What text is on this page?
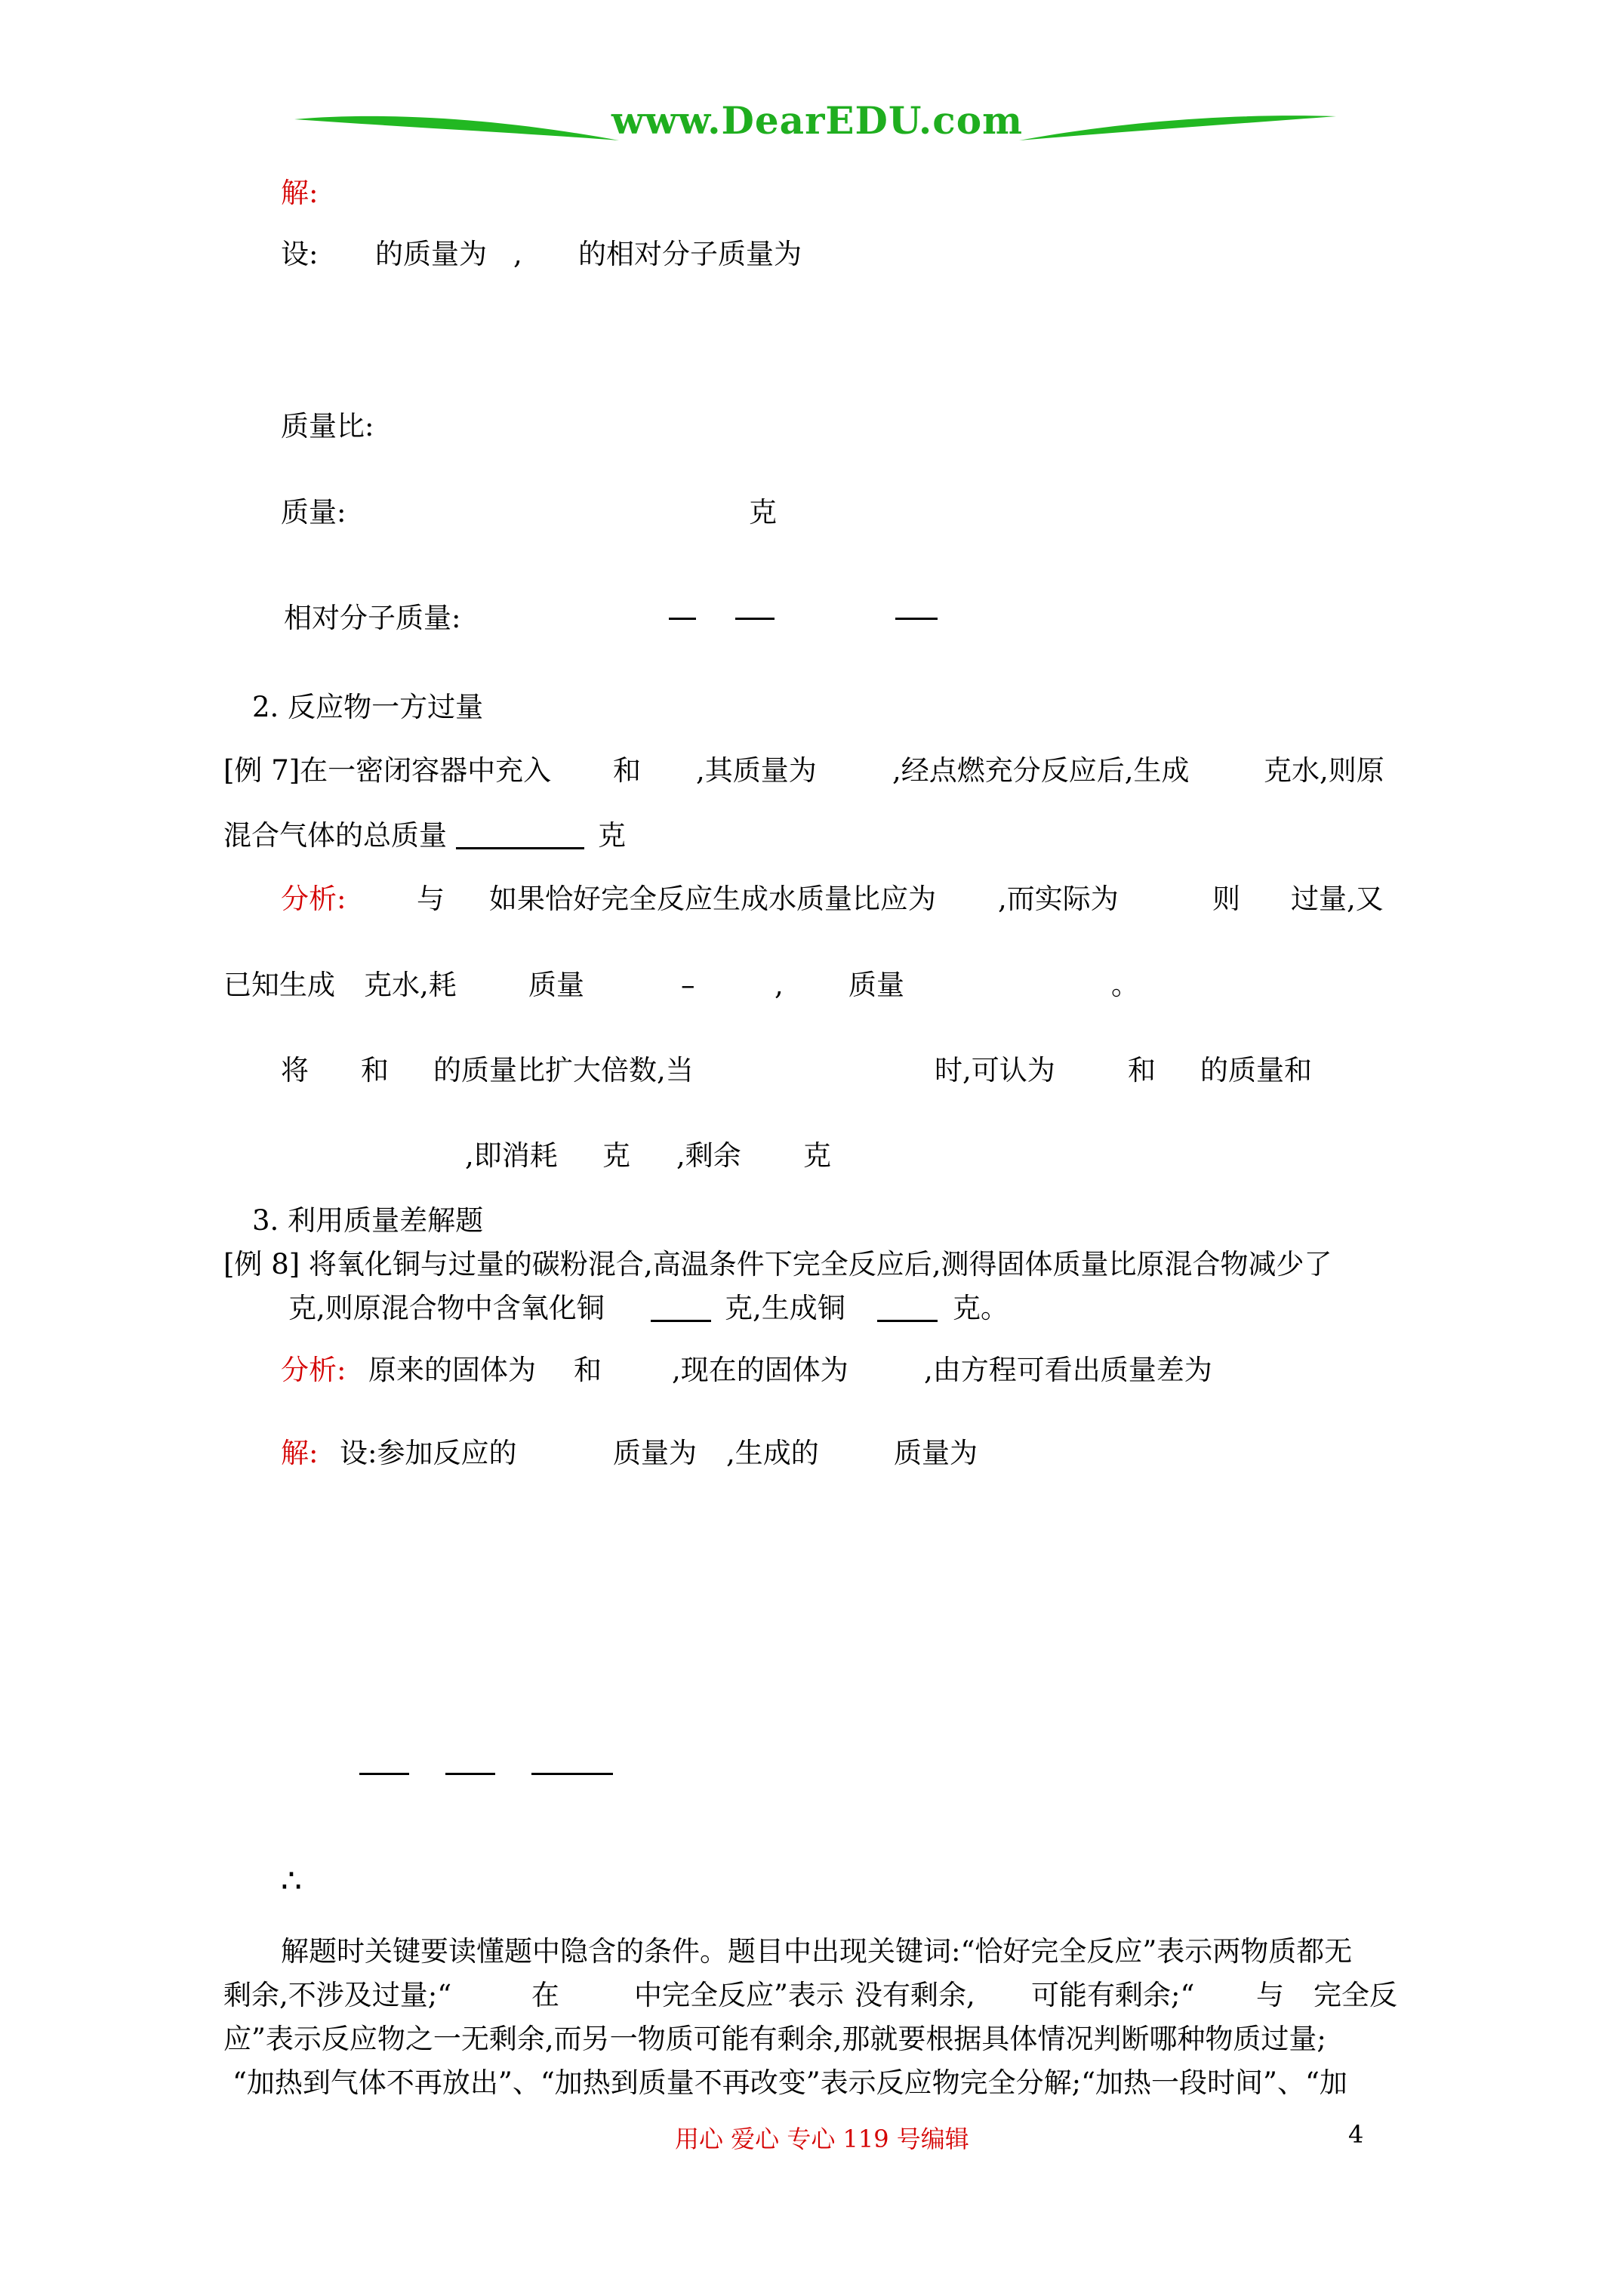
www.DearEDU.com
解:
设: 的质量为 , 的相对分子质量为
质量比:
质量:	克
相对分子质量:
2. 反应物一方过量
[例 7]在一密闭容器中充入 和 ,其质量为	,经点燃充分反应后,生成	克水,则原
混合气体的总质量	克
分析:	与 如果恰好完全反应生成水质量比应为 ,而实际为	则 过量,又
已知生成 克水,耗	质量	–	, 质量	。
将 和 的质量比扩大倍数,当	时,可认为	和 的质量和
,即消耗 克 ,剩余 克
3. 利用质量差解题
[例 8] 将氧化铜与过量的碳粉混合,高温条件下完全反应后,测得固体质量比原混合物减少了
克,则原混合物中含氧化铜	克,生成铜	克。
分析: 原来的固体为 和	,现在的固体为	,由方程可看出质量差为
解: 设:参加反应的	质量为 ,生成的	质量为
∴
解题时关键要读懂题中隐含的条件。题目中出现关键词:“恰好完全反应”表示两物质都无
剩余,不涉及过量;“	在	中完全反应”表示 没有剩余, 可能有剩余;“ 与 完全反
应”表示反应物之一无剩余,而另一物质可能有剩余,那就要根据具体情况判断哪种物质过量;
“加热到气体不再放出”、“加热到质量不再改变”表示反应物完全分解;“加热一段时间”、“加
用心 爱心 专心 119 号编辑	4
